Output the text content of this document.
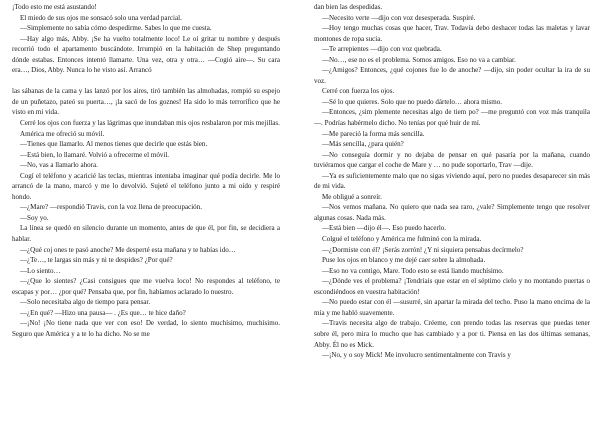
¡Todo esto me está asustando!

El miedo de sus ojos me sonsacó solo una verdad parcial.

—Simplemente no sabía cómo despedirme. Sabes lo que me cuesta.

—Hay algo más, Abby. ¡Se ha vuelto totalmente loco! Le oí gritar tu nombre y después recorrió todo el apartamento buscándote. Irrumpió en la habitación de Shep preguntando dónde estabas. Entonces intentó llamarte. Una vez, otra y otra… —Cogió aire—. Su cara era…, Dios, Abby. Nunca lo he visto así. Arrancó

las sábanas de la cama y las lanzó por los aires, tiró también las almohadas, rompió su espejo de un puñetazo, pateó su puerta…, ¡la sacó de los goznes! Ha sido lo más terrorífico que he visto en mi vida.

Cerré los ojos con fuerza y las lágrimas que inundaban mis ojos resbalaron por mis mejillas.

América me ofreció su móvil.

—Tienes que llamarlo. Al menos tienes que decirle que estás bien.

—Está bien, lo llamaré. Volvió a ofrecerme el móvil.

—No, vas a llamarlo ahora.

Cogí el teléfono y acaricié las teclas, mientras intentaba imaginar qué podía decirle. Me lo arrancó de la mano, marcó y me lo devolvió. Sujeté el teléfono junto a mi oído y respiré hondo.

—¿Mare? —respondió Travis, con la voz llena de preocupación.

—Soy yo.

La línea se quedó en silencio durante un momento, antes de que él, por fin, se decidiera a hablar.

—¿Qué coj ones te pasó anoche? Me desperté esta mañana y te habías ido…

—¿Te…, te largas sin más y ni te despides? ¿Por qué?

—Lo siento…

—¿Que lo sientes? ¿Casi consigues que me vuelva loco! No respondes al teléfono, te escapas y por… ¿por qué? Pensaba que, por fin, habíamos aclarado lo nuestro.

—Solo necesitaba algo de tiempo para pensar.

—¿En qué? —Hizo una pausa— . ¿Es que… te hice daño?

—¡No! ¡No tiene nada que ver con eso! De verdad, lo siento muchísimo, muchísimo. Seguro que América y a te lo ha dicho. No se me

dan bien las despedidas.

—Necesito verte —dijo con voz desesperada. Suspiré.

—Hoy tengo muchas cosas que hacer, Trav. Todavía debo deshacer todas las maletas y lavar montones de ropa sucia.

—Te arrepientes —dijo con voz quebrada.

—No…, ese no es el problema. Somos amigos. Eso no va a cambiar.

—¿Amigos? Entonces, ¿qué cojones fue lo de anoche? —dijo, sin poder ocultar la ira de su voz.

Cerré con fuerza los ojos.

—Sé lo que quieres. Solo que no puedo dártelo… ahora mismo.

—Entonces, ¿sim plemente necesitas algo de tiem po? —me preguntó con voz más tranquila—. Podrías habérmelo dicho. No tenías por qué huir de mí.

—Me pareció la forma más sencilla.

—Más sencilla, ¿para quién?

—No conseguía dormir y no dejaba de pensar en qué pasaría por la mañana, cuando tuviéramos que cargar el coche de Mare y … no pude soportarlo, Trav —dije.

—Ya es suficientemente malo que no sigas viviendo aquí, pero no puedes desaparecer sin más de mi vida.

Me obligué a sonreír.

—Nos vemos mañana. No quiero que nada sea raro, ¿vale? Simplemente tengo que resolver algunas cosas. Nada más.

—Está bien —dijo él—. Eso puedo hacerlo.

Colgué el teléfono y América me fulminó con la mirada.

—¿Dormiste con él? ¡Serás zorrón! ¿Y ni siquiera pensabas decírmelo?

Puse los ojos en blanco y me dejé caer sobre la almohada.

—Eso no va contigo, Mare. Todo esto se está liando muchísimo.

—¿Dónde ves el problema? ¡Tendríais que estar en el séptimo cielo y no montando puertas o escondiéndoos en vuestra habitación!

—No puedo estar con él —susurré, sin apartar la mirada del techo. Puso la mano encima de la mía y me habló suavemente.

—Travis necesita algo de trabajo. Créeme, con prendo todas las reservas que puedas tener sobre él, pero mira lo mucho que has cambiado y a por ti. Piensa en las dos últimas semanas, Abby. Él no es Mick.

—¡No, y o soy Mick! Me involucro sentimentalmente con Travis y
